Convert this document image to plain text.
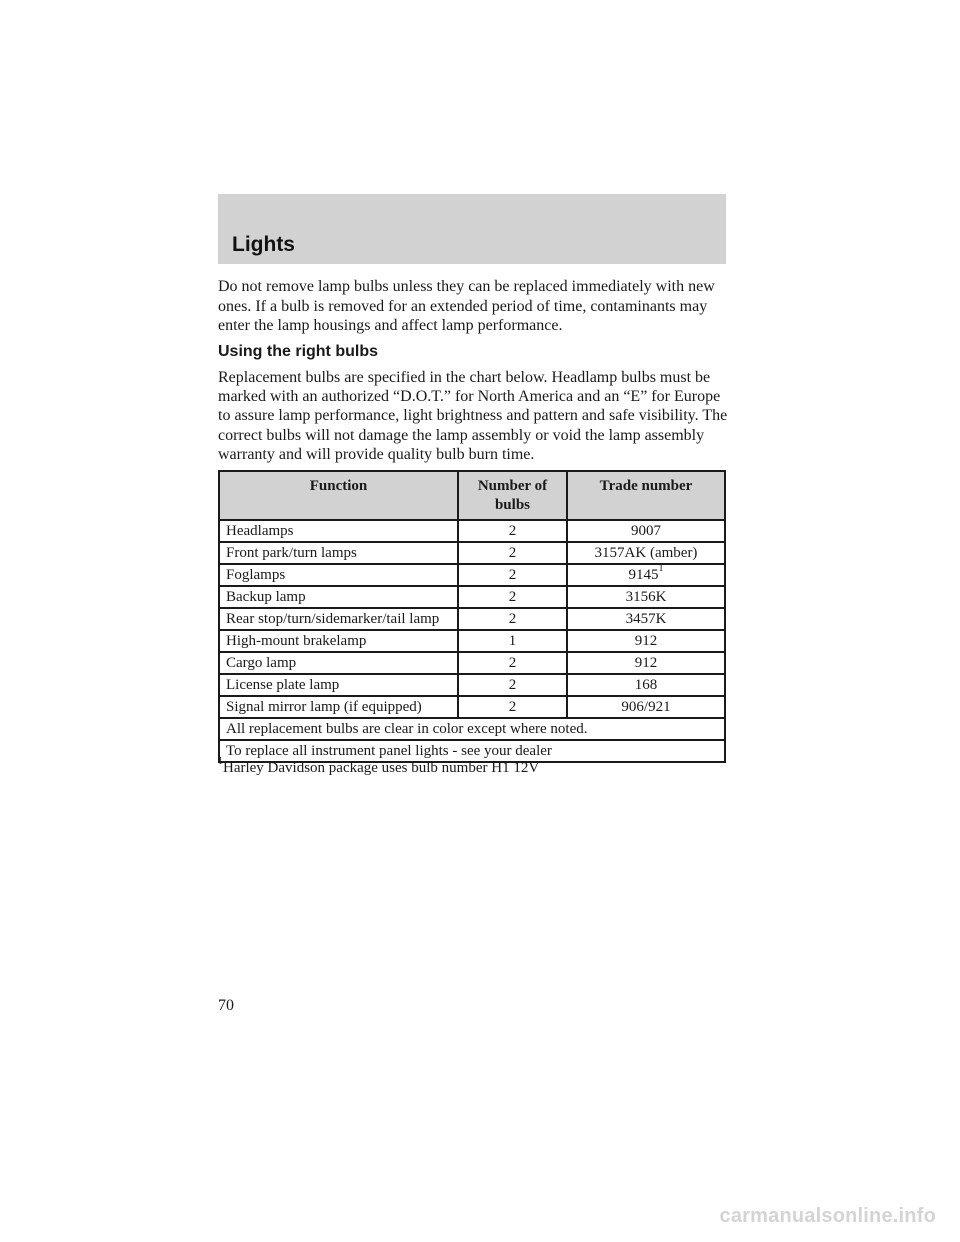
Lights

Do not remove lamp bulbs unless they can be replaced immediately with new ones. If a bulb is removed for an extended period of time, contaminants may enter the lamp housings and affect lamp performance.

Using the right bulbs

Replacement bulbs are specified in the chart below. Headlamp bulbs must be marked with an authorized “D.O.T.” for North America and an “E” for Europe to assure lamp performance, light brightness and pattern and safe visibility. The correct bulbs will not damage the lamp assembly or void the lamp assembly warranty and will provide quality bulb burn time.

Function	Number of bulbs	Trade number
Headlamps	2	9007
Front park/turn lamps	2	3157AK (amber)
Foglamps	2	9145$^1$
Backup lamp	2	3156K
Rear stop/turn/sidemarker/tail lamp	2	3457K
High-mount brakelamp	1	912
Cargo lamp	2	912
License plate lamp	2	168
Signal mirror lamp (if equipped)	2	906/921
All replacement bulbs are clear in color except where noted.		
To replace all instrument panel lights - see your dealer		

$^1$Harley Davidson package uses bulb number H1 12V

70

carmanualsonline.info
